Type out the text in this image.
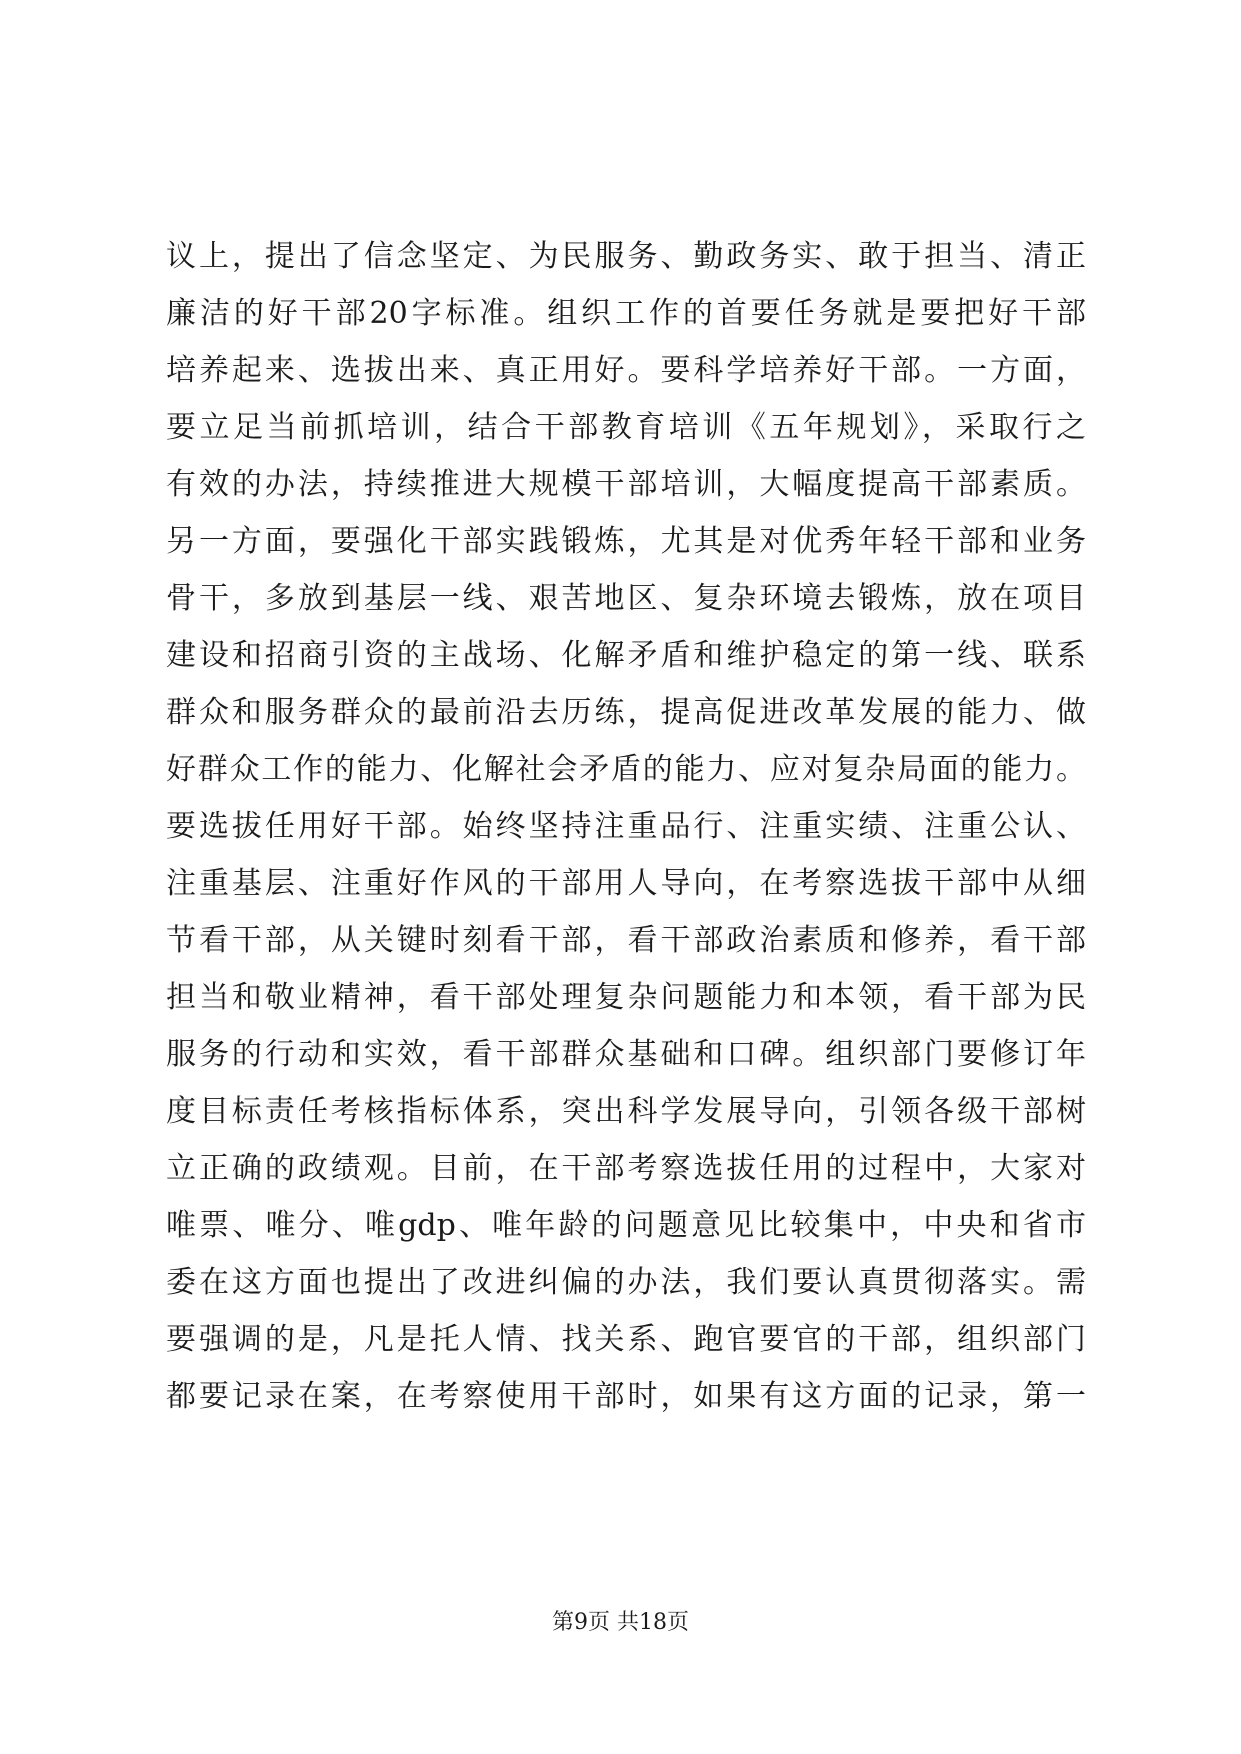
议上，提出了信念坚定、为民服务、勤政务实、敢于担当、清正
廉洁的好干部20字标准。组织工作的首要任务就是要把好干部
培养起来、选拔出来、真正用好。要科学培养好干部。一方面，
要立足当前抓培训，结合干部教育培训《五年规划》，采取行之
有效的办法，持续推进大规模干部培训，大幅度提高干部素质。
另一方面，要强化干部实践锻炼，尤其是对优秀年轻干部和业务
骨干，多放到基层一线、艰苦地区、复杂环境去锻炼，放在项目
建设和招商引资的主战场、化解矛盾和维护稳定的第一线、联系
群众和服务群众的最前沿去历练，提高促进改革发展的能力、做
好群众工作的能力、化解社会矛盾的能力、应对复杂局面的能力。
要选拔任用好干部。始终坚持注重品行、注重实绩、注重公认、
注重基层、注重好作风的干部用人导向，在考察选拔干部中从细
节看干部，从关键时刻看干部，看干部政治素质和修养，看干部
担当和敬业精神，看干部处理复杂问题能力和本领，看干部为民
服务的行动和实效，看干部群众基础和口碑。组织部门要修订年
度目标责任考核指标体系，突出科学发展导向，引领各级干部树
立正确的政绩观。目前，在干部考察选拔任用的过程中，大家对
唯票、唯分、唯gdp、唯年龄的问题意见比较集中，中央和省市
委在这方面也提出了改进纠偏的办法，我们要认真贯彻落实。需
要强调的是，凡是托人情、找关系、跑官要官的干部，组织部门
都要记录在案，在考察使用干部时，如果有这方面的记录，第一
第9页 共18页
